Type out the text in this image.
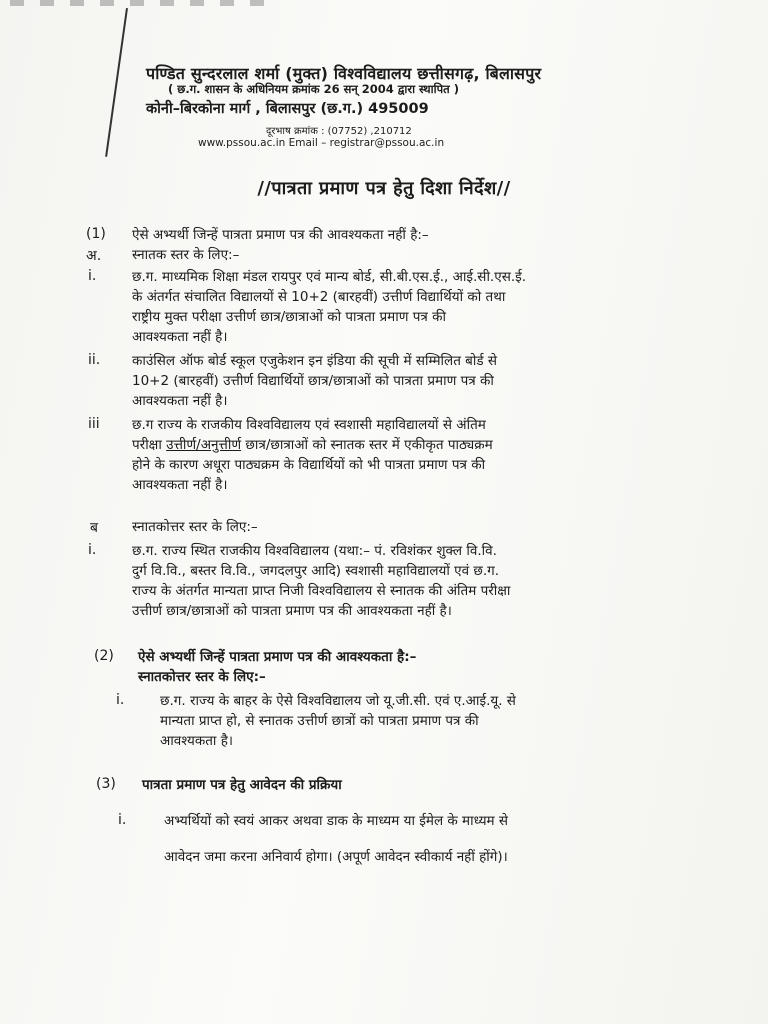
पण्डित सुन्दरलाल शर्मा (मुक्त) विश्वविद्यालय छत्तीसगढ़, बिलासपुर
( छ.ग. शासन के अधिनियम क्रमांक 26 सन् 2004 द्वारा स्थापित )
कोनी–बिरकोना मार्ग , बिलासपुर (छ.ग.) 495009
दूरभाष क्रमांक : (07752) ,210712
www.pssou.ac.in Email – registrar@pssou.ac.in
//पात्रता प्रमाण पत्र हेतु दिशा निर्देश//
(1) ऐसे अभ्यर्थी जिन्हें पात्रता प्रमाण पत्र की आवश्यकता नहीं है:–
अ. स्नातक स्तर के लिए:–
i.	छ.ग. माध्यमिक शिक्षा मंडल रायपुर एवं मान्य बोर्ड, सी.बी.एस.ई., आई.सी.एस.ई.
के अंतर्गत संचालित विद्यालयों से 10+2 (बारहवीं) उत्तीर्ण विद्यार्थियों को तथा
राष्ट्रीय मुक्त परीक्षा उत्तीर्ण छात्र/छात्राओं को पात्रता प्रमाण पत्र की
आवश्यकता नहीं है।
ii. काउंसिल ऑफ बोर्ड स्कूल एजुकेशन इन इंडिया की सूची में सम्मिलित बोर्ड से
10+2 (बारहवीं) उत्तीर्ण विद्यार्थियों छात्र/छात्राओं को पात्रता प्रमाण पत्र की
आवश्यकता नहीं है।
iii छ.ग राज्य के राजकीय विश्वविद्यालय एवं स्वशासी महाविद्यालयों से अंतिम
परीक्षा उत्तीर्ण/अनुत्तीर्ण छात्र/छात्राओं को स्नातक स्तर में एकीकृत पाठ्यक्रम
होने के कारण अधूरा पाठ्यक्रम के विद्यार्थियों को भी पात्रता प्रमाण पत्र की
आवश्यकता नहीं है।
ब	स्नातकोत्तर स्तर के लिए:–
i.	छ.ग. राज्य स्थित राजकीय विश्वविद्यालय (यथा:– पं. रविशंकर शुक्ल वि.वि.
दुर्ग वि.वि., बस्तर वि.वि., जगदलपुर आदि) स्वशासी महाविद्यालयों एवं छ.ग.
राज्य के अंतर्गत मान्यता प्राप्त निजी विश्वविद्यालय से स्नातक की अंतिम परीक्षा
उत्तीर्ण छात्र/छात्राओं को पात्रता प्रमाण पत्र की आवश्यकता नहीं है।
(2) ऐसे अभ्यर्थी जिन्हें पात्रता प्रमाण पत्र की आवश्यकता है:–
स्नातकोत्तर स्तर के लिए:–
i.	छ.ग. राज्य के बाहर के ऐसे विश्वविद्यालय जो यू.जी.सी. एवं ए.आई.यू. से
मान्यता प्राप्त हो, से स्नातक उत्तीर्ण छात्रों को पात्रता प्रमाण पत्र की
आवश्यकता है।
(3) पात्रता प्रमाण पत्र हेतु आवेदन की प्रक्रिया
i.	अभ्यर्थियों को स्वयं आकर अथवा डाक के माध्यम या ईमेल के माध्यम से
आवेदन जमा करना अनिवार्य होगा। (अपूर्ण आवेदन स्वीकार्य नहीं होंगे)।
